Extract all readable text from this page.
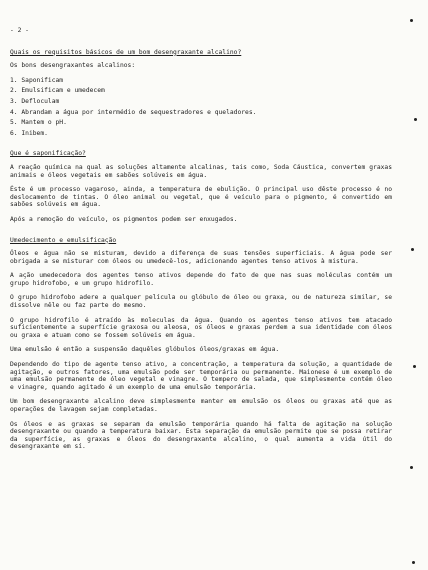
- 2 -
Quais os requisitos básicos de um bom desengraxante alcalino?
Os bons desengraxantes alcalinos:
1. Saponificam
2. Emulsificam e umedecem
3. Defloculam
4. Abrandam a água por intermédio de sequestradores e queladores.
5. Mantem o pH.
6. Inibem.
Que é saponificação?
A reação química na qual as soluções altamente alcalinas, tais como, Soda Cáustica, convertem graxas animais e óleos vegetais em sabões solúveis em água.
Éste é um processo vagaroso, ainda, a temperatura de ebulição. O principal uso dêste processo é no deslocamento de tintas. O óleo animal ou vegetal, que é veículo para o pigmento, é convertido em sabões solúveis em água.
Após a remoção do veículo, os pigmentos podem ser enxugados.
Umedecimento e emulsificação
Óleos e água não se misturam, devido a diferença de suas tensões superficiais. A água pode ser obrigada a se misturar com óleos ou umedecê-los, adicionando agentes tenso ativos à mistura.
A ação umedecedora dos agentes tenso ativos depende do fato de que nas suas moléculas contém um grupo hidrofobo, e um grupo hidrofilo.
O grupo hidrofobo adere a qualquer película ou glóbulo de óleo ou graxa, ou de natureza similar, se dissolve nêle ou faz parte do mesmo.
O grupo hidrofilo é atraído às moleculas da água. Quando os agentes tenso ativos tem atacado suficientemente a superfície graxosa ou aleosa, os óleos e graxas perdem a sua identidade com óleos ou graxa e atuam como se fossem solúveis em água.
Uma emulsão é então a suspensão daquêles glóbulos óleos/graxas em água.
Dependendo do tipo de agente tenso ativo, a concentração, a temperatura da solução, a quantidade de agitação, e outros fatores, uma emulsão pode ser temporária ou permanente. Maionese é um exemplo de uma emulsão permanente de óleo vegetal e vinagre. O tempero de salada, que simplesmente contém óleo e vinagre, quando agitado é um exemplo de uma emulsão temporária.
Um bom desengraxante alcalino deve simplesmente manter em emulsão os óleos ou graxas até que as operações de lavagem sejam completadas.
Os óleos e as graxas se separam da emulsão temporária quando há falta de agitação na solução desengraxante ou quando a temperatura baixar. Esta separação da emulsão permite que se possa retirar da superfície, as graxas e óleos do desengraxante alcalino, o qual aumenta a vida útil do desengraxante em sí.
